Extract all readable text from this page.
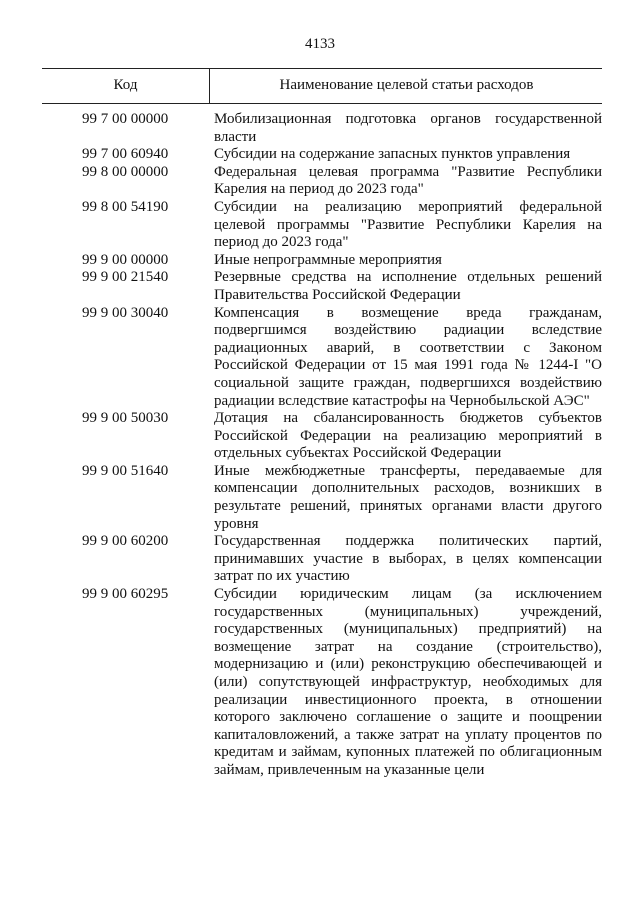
4133
Код	Наименование целевой статьи расходов
99 7 00 00000	Мобилизационная подготовка органов государственной власти
99 7 00 60940	Субсидии на содержание запасных пунктов управления
99 8 00 00000	Федеральная целевая программа "Развитие Республики Карелия на период до 2023 года"
99 8 00 54190	Субсидии на реализацию мероприятий федеральной целевой программы "Развитие Республики Карелия на период до 2023 года"
99 9 00 00000	Иные непрограммные мероприятия
99 9 00 21540	Резервные средства на исполнение отдельных решений Правительства Российской Федерации
99 9 00 30040	Компенсация в возмещение вреда гражданам, подвергшимся воздействию радиации вследствие радиационных аварий, в соответствии с Законом Российской Федерации от 15 мая 1991 года № 1244-I "О социальной защите граждан, подвергшихся воздействию радиации вследствие катастрофы на Чернобыльской АЭС"
99 9 00 50030	Дотация на сбалансированность бюджетов субъектов Российской Федерации на реализацию мероприятий в отдельных субъектах Российской Федерации
99 9 00 51640	Иные межбюджетные трансферты, передаваемые для компенсации дополнительных расходов, возникших в результате решений, принятых органами власти другого уровня
99 9 00 60200	Государственная поддержка политических партий, принимавших участие в выборах, в целях компенсации затрат по их участию
99 9 00 60295	Субсидии юридическим лицам (за исключением государственных (муниципальных) учреждений, государственных (муниципальных) предприятий) на возмещение затрат на создание (строительство), модернизацию и (или) реконструкцию обеспечивающей и (или) сопутствующей инфраструктур, необходимых для реализации инвестиционного проекта, в отношении которого заключено соглашение о защите и поощрении капиталовложений, а также затрат на уплату процентов по кредитам и займам, купонных платежей по облигационным займам, привлеченным на указанные цели
